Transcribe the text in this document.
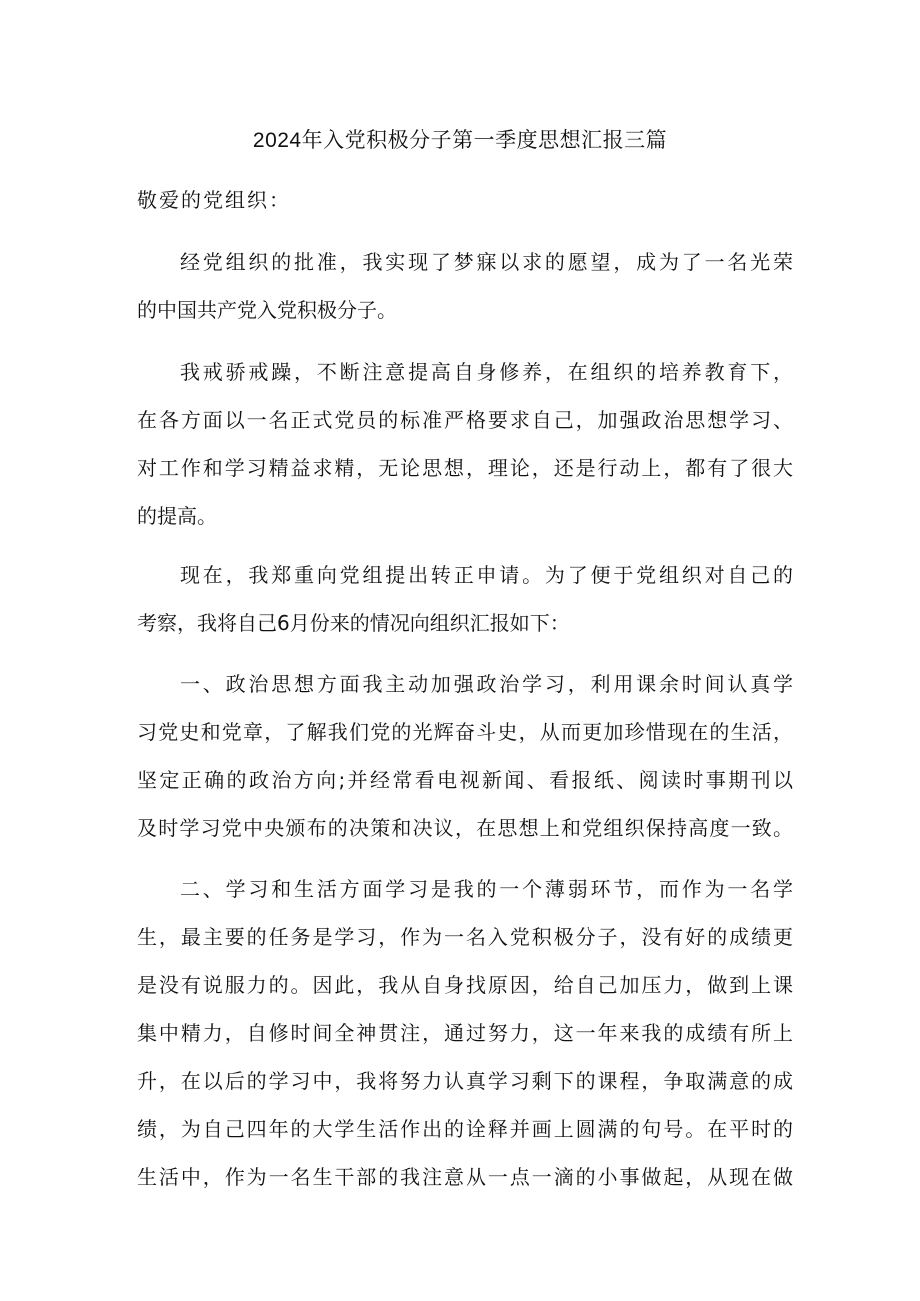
2024年入党积极分子第一季度思想汇报三篇

敬爱的党组织：

经党组织的批准，我实现了梦寐以求的愿望，成为了一名光荣

的中国共产党入党积极分子。

我戒骄戒躁，不断注意提高自身修养，在组织的培养教育下，

在各方面以一名正式党员的标准严格要求自己，加强政治思想学习、

对工作和学习精益求精，无论思想，理论，还是行动上，都有了很大

的提高。

现在，我郑重向党组提出转正申请。为了便于党组织对自己的

考察，我将自己6月份来的情况向组织汇报如下：

一、政治思想方面我主动加强政治学习，利用课余时间认真学

习党史和党章，了解我们党的光辉奋斗史，从而更加珍惜现在的生活，

坚定正确的政治方向;并经常看电视新闻、看报纸、阅读时事期刊以

及时学习党中央颁布的决策和决议，在思想上和党组织保持高度一致。

二、学习和生活方面学习是我的一个薄弱环节，而作为一名学

生，最主要的任务是学习，作为一名入党积极分子，没有好的成绩更

是没有说服力的。因此，我从自身找原因，给自己加压力，做到上课

集中精力，自修时间全神贯注，通过努力，这一年来我的成绩有所上

升，在以后的学习中，我将努力认真学习剩下的课程，争取满意的成

绩，为自己四年的大学生活作出的诠释并画上圆满的句号。在平时的

生活中，作为一名生干部的我注意从一点一滴的小事做起，从现在做
